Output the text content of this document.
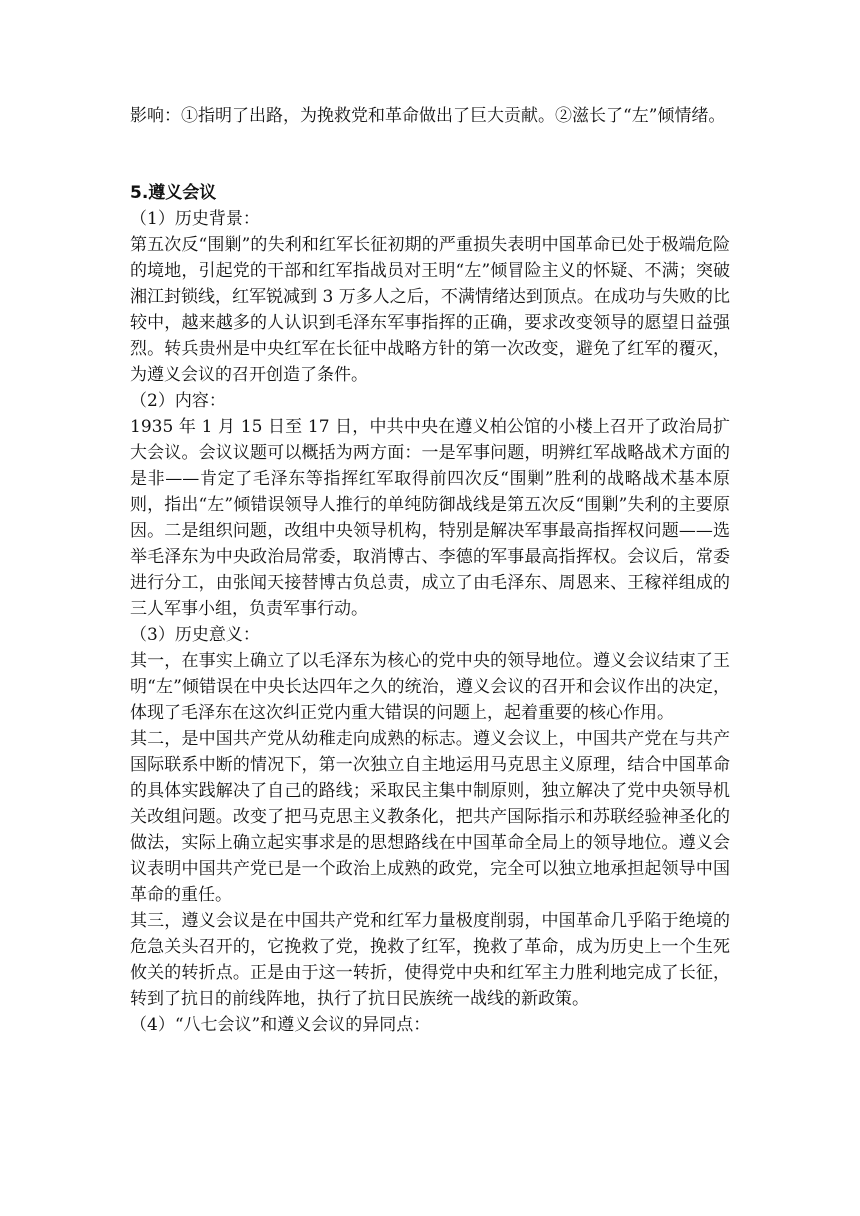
影响：①指明了出路，为挽救党和革命做出了巨大贡献。②滋长了“左”倾情绪。

5.遵义会议

（1）历史背景：

第五次反“围剿”的失利和红军长征初期的严重损失表明中国革命已处于极端危险的境地，引起党的干部和红军指战员对王明“左”倾冒险主义的怀疑、不满；突破湘江封锁线，红军锐减到 3 万多人之后，不满情绪达到顶点。在成功与失败的比较中，越来越多的人认识到毛泽东军事指挥的正确，要求改变领导的愿望日益强烈。转兵贵州是中央红军在长征中战略方针的第一次改变，避免了红军的覆灭，为遵义会议的召开创造了条件。

（2）内容：

1935 年 1 月 15 日至 17 日，中共中央在遵义柏公馆的小楼上召开了政治局扩大会议。会议议题可以概括为两方面：一是军事问题，明辨红军战略战术方面的是非——肯定了毛泽东等指挥红军取得前四次反“围剿”胜利的战略战术基本原则，指出“左”倾错误领导人推行的单纯防御战线是第五次反“围剿”失利的主要原因。二是组织问题，改组中央领导机构，特别是解决军事最高指挥权问题——选举毛泽东为中央政治局常委，取消博古、李德的军事最高指挥权。会议后，常委进行分工，由张闻天接替博古负总责，成立了由毛泽东、周恩来、王稼祥组成的三人军事小组，负责军事行动。

（3）历史意义：

其一，在事实上确立了以毛泽东为核心的党中央的领导地位。遵义会议结束了王明“左”倾错误在中央长达四年之久的统治，遵义会议的召开和会议作出的决定，体现了毛泽东在这次纠正党内重大错误的问题上，起着重要的核心作用。

其二，是中国共产党从幼稚走向成熟的标志。遵义会议上，中国共产党在与共产国际联系中断的情况下，第一次独立自主地运用马克思主义原理，结合中国革命的具体实践解决了自己的路线；采取民主集中制原则，独立解决了党中央领导机关改组问题。改变了把马克思主义教条化，把共产国际指示和苏联经验神圣化的做法，实际上确立起实事求是的思想路线在中国革命全局上的领导地位。遵义会议表明中国共产党已是一个政治上成熟的政党，完全可以独立地承担起领导中国革命的重任。

其三，遵义会议是在中国共产党和红军力量极度削弱，中国革命几乎陷于绝境的危急关头召开的，它挽救了党，挽救了红军，挽救了革命，成为历史上一个生死攸关的转折点。正是由于这一转折，使得党中央和红军主力胜利地完成了长征，转到了抗日的前线阵地，执行了抗日民族统一战线的新政策。

（4）“八七会议”和遵义会议的异同点：
